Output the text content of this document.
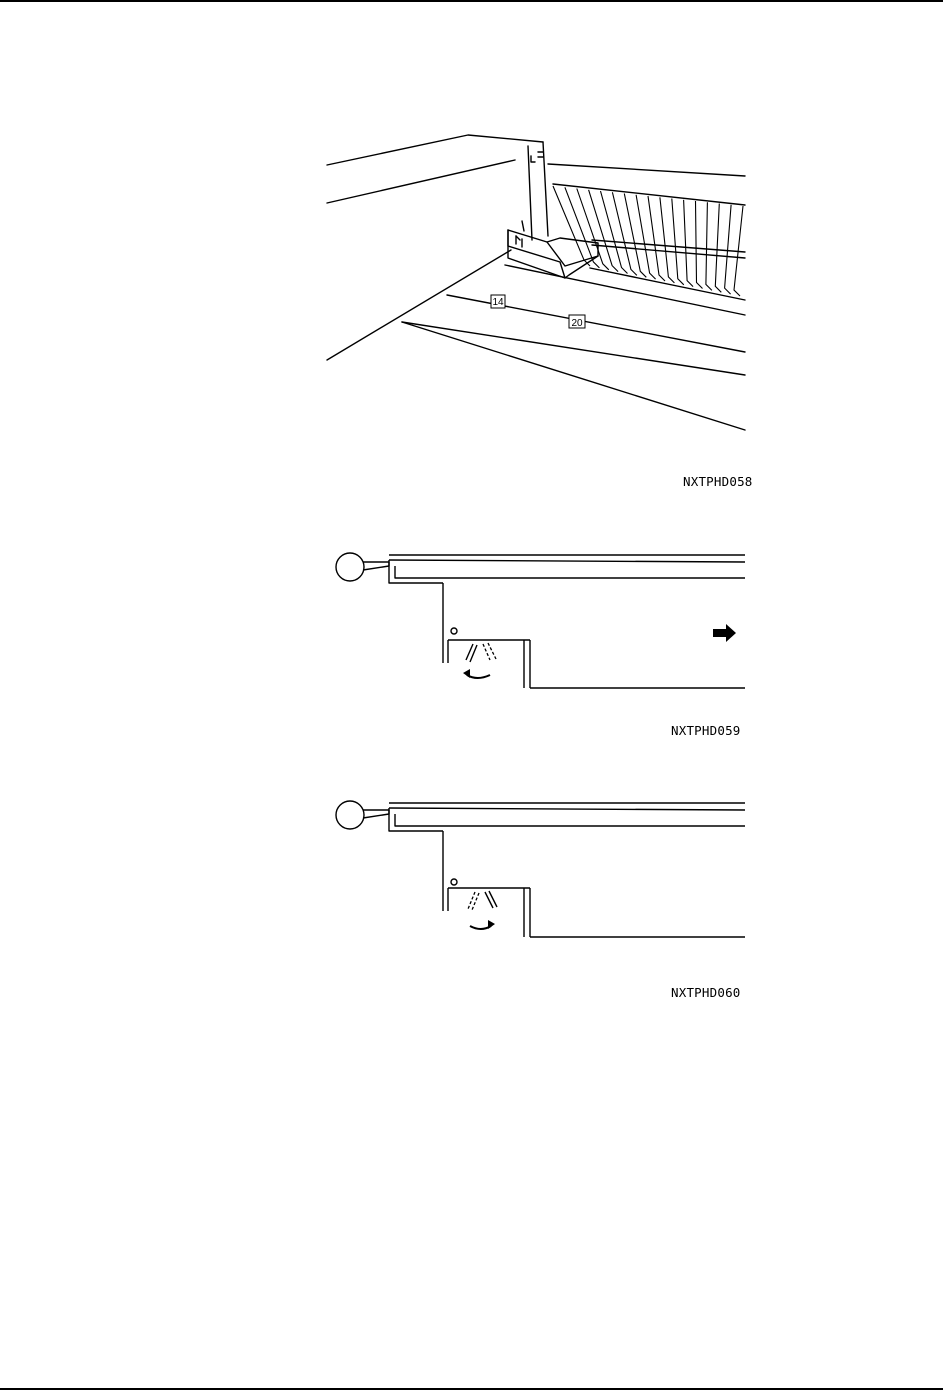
14
20
NXTPHD058
NXTPHD059
NXTPHD060
